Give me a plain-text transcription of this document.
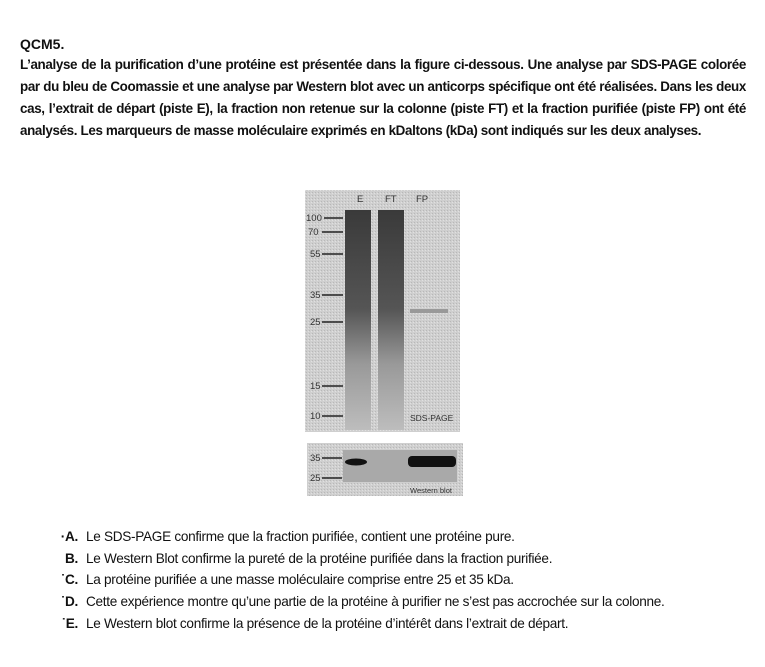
QCM5.
L’analyse de la purification d’une protéine est présentée dans la figure ci-dessous. Une analyse par SDS-PAGE colorée par du bleu de Coomassie et une analyse par Western blot avec un anticorps spécifique ont été réalisées. Dans les deux cas, l’extrait de départ (piste E), la fraction non retenue sur la colonne (piste FT) et la fraction purifiée (piste FP) ont été analysés. Les marqueurs de masse moléculaire exprimés en kDaltons (kDa) sont indiqués sur les deux analyses.
E FT FP
100
70
55
35
25
15
10	SDS-PAGE
35
25
Western blot
·A. Le SDS-PAGE confirme que la fraction purifiée, contient une protéine pure.
B. Le Western Blot confirme la pureté de la protéine purifiée dans la fraction purifiée.
˙C. La protéine purifiée a une masse moléculaire comprise entre 25 et 35 kDa.
˙D. Cette expérience montre qu’une partie de la protéine à purifier ne s’est pas accrochée sur la colonne.
˙E. Le Western blot confirme la présence de la protéine d’intérêt dans l’extrait de départ.
